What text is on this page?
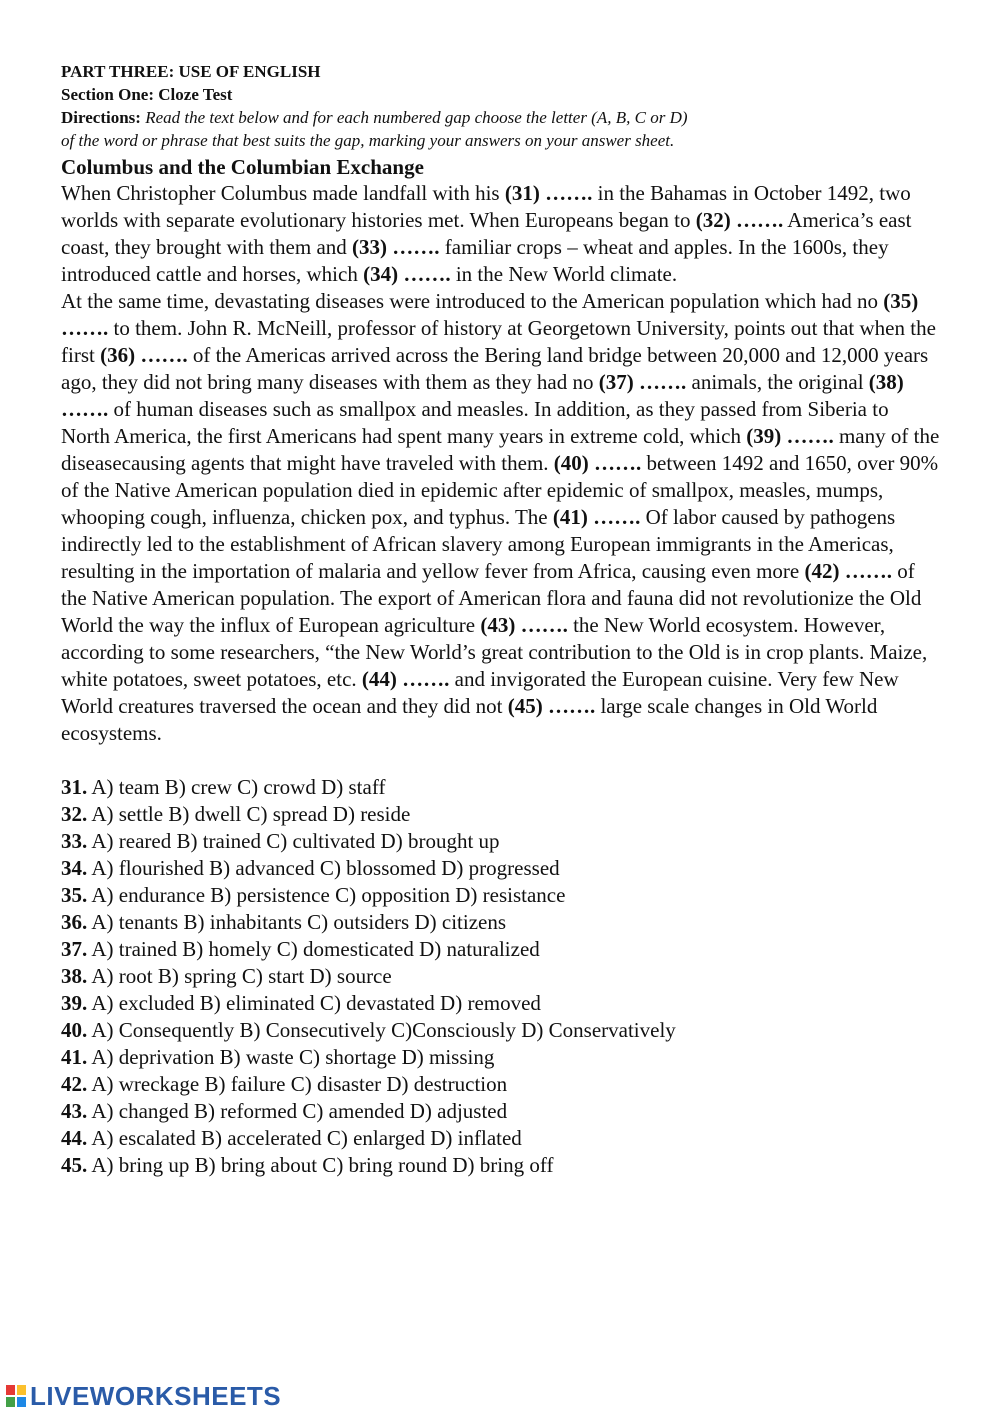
PART THREE: USE OF ENGLISH
Section One: Cloze Test
Directions: Read the text below and for each numbered gap choose the letter (A, B, C or D)
of the word or phrase that best suits the gap, marking your answers on your answer sheet.
Columbus and the Columbian Exchange

When Christopher Columbus made landfall with his (31) ……. in the Bahamas in October 1492, two worlds with separate evolutionary histories met. When Europeans began to (32) ……. America’s east coast, they brought with them and (33) ……. familiar crops – wheat and apples. In the 1600s, they introduced cattle and horses, which (34) ……. in the New World climate.

At the same time, devastating diseases were introduced to the American population which had no (35) ……. to them. John R. McNeill, professor of history at Georgetown University, points out that when the first (36) ……. of the Americas arrived across the Bering land bridge between 20,000 and 12,000 years ago, they did not bring many diseases with them as they had no (37) ……. animals, the original (38) ……. of human diseases such as smallpox and measles. In addition, as they passed from Siberia to North America, the first Americans had spent many years in extreme cold, which (39) ……. many of the diseasecausing agents that might have traveled with them. (40) ……. between 1492 and 1650, over 90% of the Native American population died in epidemic after epidemic of smallpox, measles, mumps, whooping cough, influenza, chicken pox, and typhus. The (41) ……. Of labor caused by pathogens indirectly led to the establishment of African slavery among European immigrants in the Americas, resulting in the importation of malaria and yellow fever from Africa, causing even more (42) ……. of the Native American population. The export of American flora and fauna did not revolutionize the Old World the way the influx of European agriculture (43) ……. the New World ecosystem. However, according to some researchers, “the New World’s great contribution to the Old is in crop plants. Maize, white potatoes, sweet potatoes, etc. (44) ……. and invigorated the European cuisine. Very few New World creatures traversed the ocean and they did not (45) ……. large scale changes in Old World ecosystems.

31. A) team B) crew C) crowd D) staff
32. A) settle B) dwell C) spread D) reside
33. A) reared B) trained C) cultivated D) brought up
34. A) flourished B) advanced C) blossomed D) progressed
35. A) endurance B) persistence C) opposition D) resistance
36. A) tenants B) inhabitants C) outsiders D) citizens
37. A) trained B) homely C) domesticated D) naturalized
38. A) root B) spring C) start D) source
39. A) excluded B) eliminated C) devastated D) removed
40. A) Consequently B) Consecutively C)Consciously D) Conservatively
41. A) deprivation B) waste C) shortage D) missing
42. A) wreckage B) failure C) disaster D) destruction
43. A) changed B) reformed C) amended D) adjusted
44. A) escalated B) accelerated C) enlarged D) inflated
45. A) bring up B) bring about C) bring round D) bring off
LIVEWORKSHEETS
